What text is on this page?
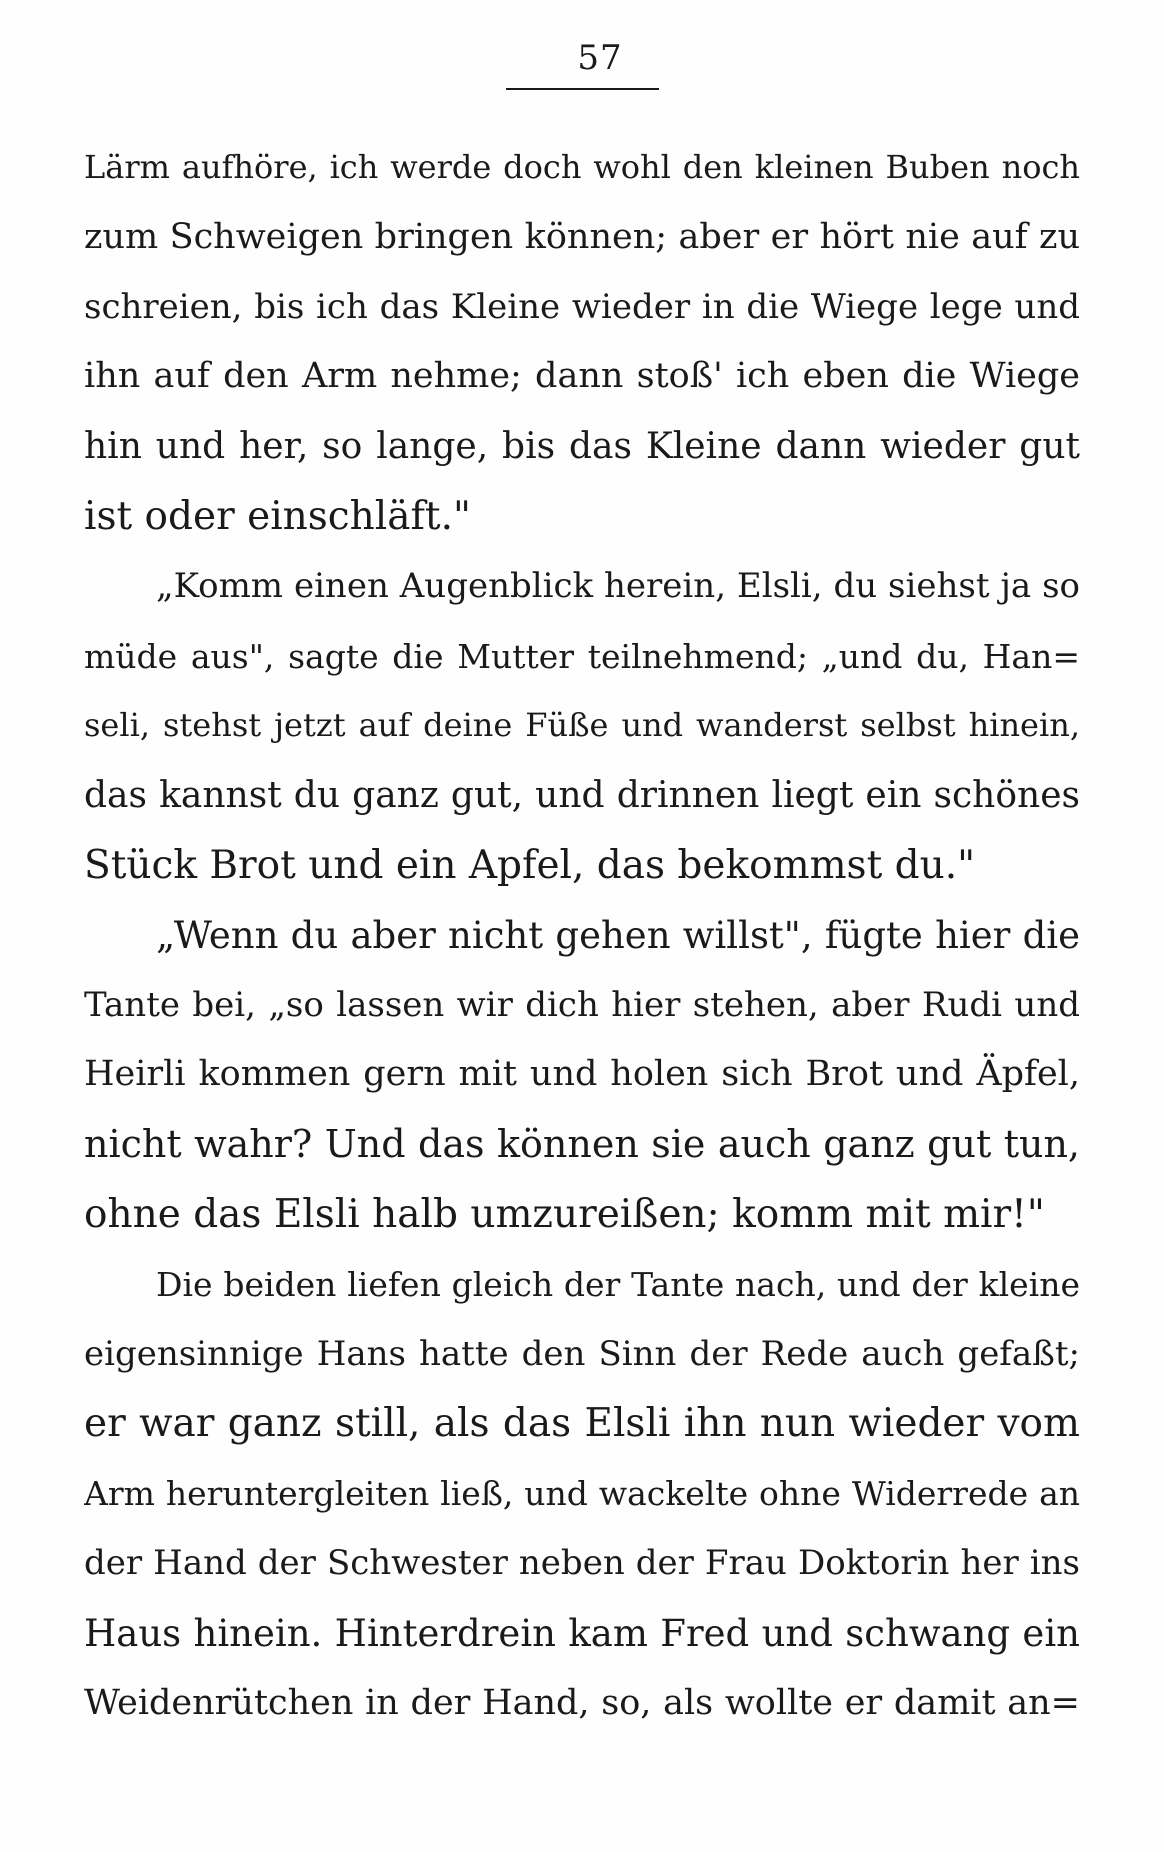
57
Lärm aufhöre, ich werde doch wohl den kleinen Buben noch
zum Schweigen bringen können; aber er hört nie auf zu
schreien, bis ich das Kleine wieder in die Wiege lege und
ihn auf den Arm nehme; dann stoß' ich eben die Wiege
hin und her, so lange, bis das Kleine dann wieder gut
ist oder einschläft."
„Komm einen Augenblick herein, Elsli, du siehst ja so
müde aus", sagte die Mutter teilnehmend; „und du, Han=
seli, stehst jetzt auf deine Füße und wanderst selbst hinein,
das kannst du ganz gut, und drinnen liegt ein schönes
Stück Brot und ein Apfel, das bekommst du."
„Wenn du aber nicht gehen willst", fügte hier die
Tante bei, „so lassen wir dich hier stehen, aber Rudi und
Heirli kommen gern mit und holen sich Brot und Äpfel,
nicht wahr? Und das können sie auch ganz gut tun,
ohne das Elsli halb umzureißen; komm mit mir!"
Die beiden liefen gleich der Tante nach, und der kleine
eigensinnige Hans hatte den Sinn der Rede auch gefaßt;
er war ganz still, als das Elsli ihn nun wieder vom
Arm heruntergleiten ließ, und wackelte ohne Widerrede an
der Hand der Schwester neben der Frau Doktorin her ins
Haus hinein. Hinterdrein kam Fred und schwang ein
Weidenrütchen in der Hand, so, als wollte er damit an=
